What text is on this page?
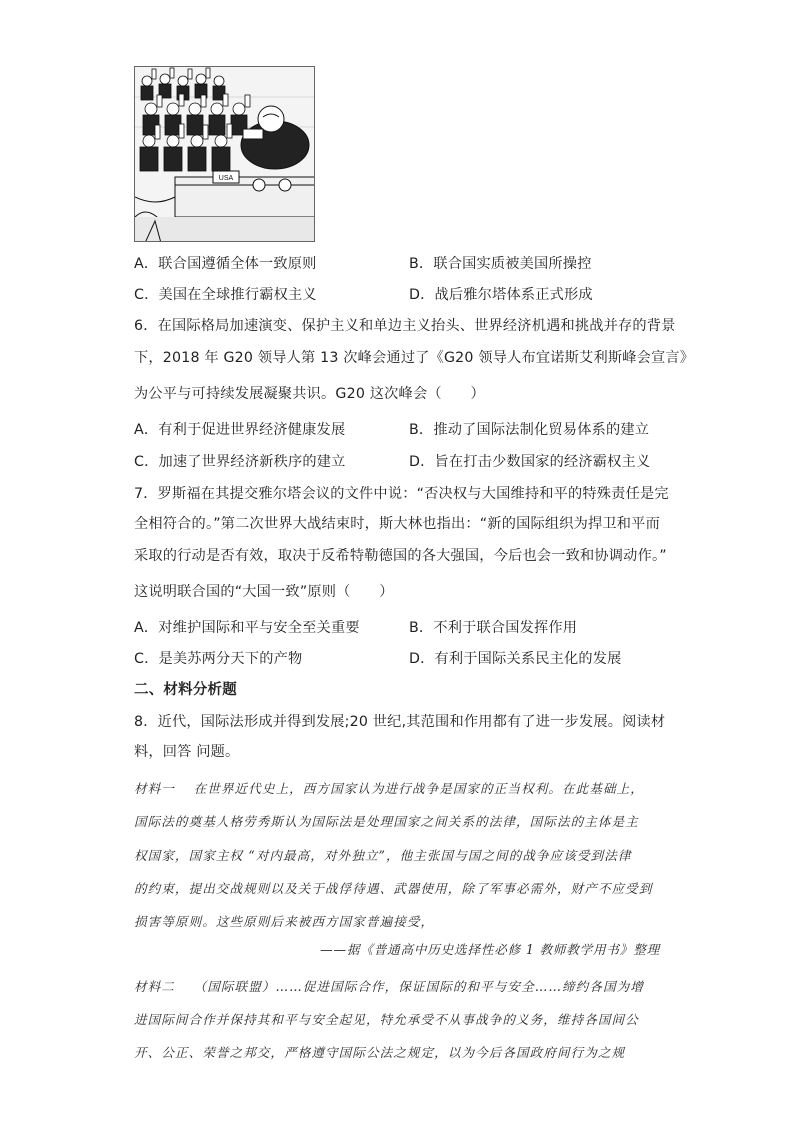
USA
A．联合国遵循全体一致原则	B．联合国实质被美国所操控
C．美国在全球推行霸权主义	D．战后雅尔塔体系正式形成
6．在国际格局加速演变、保护主义和单边主义抬头、世界经济机遇和挑战并存的背景
下，2018 年 G20 领导人第 13 次峰会通过了《G20 领导人布宜诺斯艾利斯峰会宣言》
为公平与可持续发展凝聚共识。G20 这次峰会（　　）
A．有利于促进世界经济健康发展	B．推动了国际法制化贸易体系的建立
C．加速了世界经济新秩序的建立	D．旨在打击少数国家的经济霸权主义
7．罗斯福在其提交雅尔塔会议的文件中说：“否决权与大国维持和平的特殊责任是完
全相符合的。”第二次世界大战结束时，斯大林也指出：“新的国际组织为捍卫和平而
采取的行动是否有效，取决于反希特勒德国的各大强国，今后也会一致和协调动作。”
这说明联合国的“大国一致”原则（　　）
A．对维护国际和平与安全至关重要	B．不利于联合国发挥作用
C．是美苏两分天下的产物	D．有利于国际关系民主化的发展
二、材料分析题
8．近代，国际法形成并得到发展;20 世纪,其范围和作用都有了进一步发展。阅读材
料，回答 问题。
材料一　 在世界近代史上，西方国家认为进行战争是国家的正当权利。在此基础上，
国际法的奠基人格劳秀斯认为国际法是处理国家之间关系的法律，国际法的主体是主
权国家，国家主权 “对内最高，对外独立”，他主张国与国之间的战争应该受到法律
的约束，提出交战规则以及关于战俘待遇、武器使用，除了军事必需外，财产不应受到
损害等原则。这些原则后来被西方国家普遍接受，
——据《普通高中历史选择性必修 1 教师教学用书》整理
材料二　 （国际联盟）……促进国际合作，保证国际的和平与安全……缔约各国为增
进国际间合作并保持其和平与安全起见，特允承受不从事战争的义务，维持各国间公
开、公正、荣誉之邦交，严格遵守国际公法之规定，以为今后各国政府间行为之规
